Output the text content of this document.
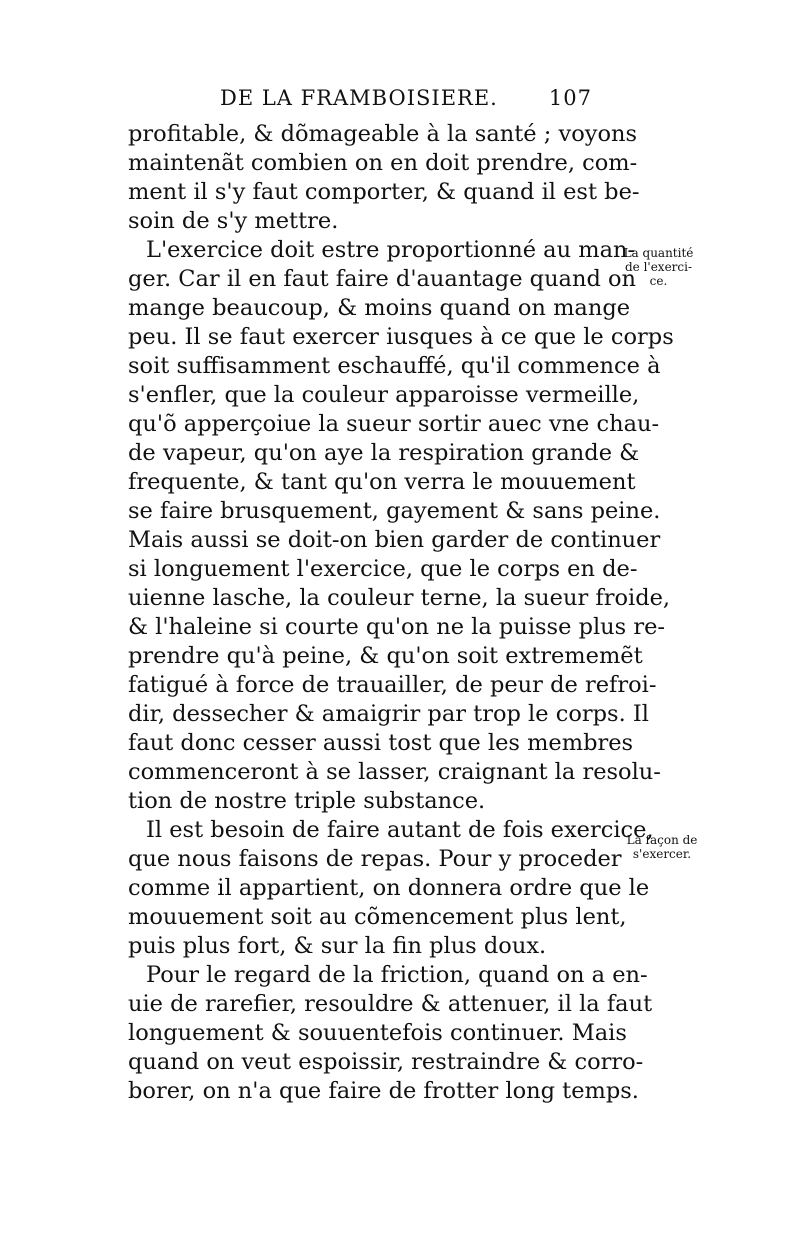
DE LA FRAMBOISIERE. 107
profitable, & dõmageable à la santé ; voyons
maintenãt combien on en doit prendre, com-
ment il s'y faut comporter, & quand il est be-
soin de s'y mettre.
L'exercice doit estre proportionné au man-
ger. Car il en faut faire d'auantage quand on
mange beaucoup, & moins quand on mange
peu. Il se faut exercer iusques à ce que le corps
soit suffisamment eschauffé, qu'il commence à
s'enfler, que la couleur apparoisse vermeille,
qu'õ apperçoiue la sueur sortir auec vne chau-
de vapeur, qu'on aye la respiration grande &
frequente, & tant qu'on verra le mouuement
se faire brusquement, gayement & sans peine.
Mais aussi se doit-on bien garder de continuer
si longuement l'exercice, que le corps en de-
uienne lasche, la couleur terne, la sueur froide,
& l'haleine si courte qu'on ne la puisse plus re-
prendre qu'à peine, & qu'on soit extrememẽt
fatigué à force de trauailler, de peur de refroi-
dir, dessecher & amaigrir par trop le corps. Il
faut donc cesser aussi tost que les membres
commenceront à se lasser, craignant la resolu-
tion de nostre triple substance.
Il est besoin de faire autant de fois exercice,
que nous faisons de repas. Pour y proceder
comme il appartient, on donnera ordre que le
mouuement soit au cõmencement plus lent,
puis plus fort, & sur la fin plus doux.
Pour le regard de la friction, quand on a en-
uie de rarefier, resouldre & attenuer, il la faut
longuement & souuentefois continuer. Mais
quand on veut espoissir, restraindre & corro-
borer, on n'a que faire de frotter long temps.
La quantité
de l'exerci-
ce.
La façon de
s'exercer.
